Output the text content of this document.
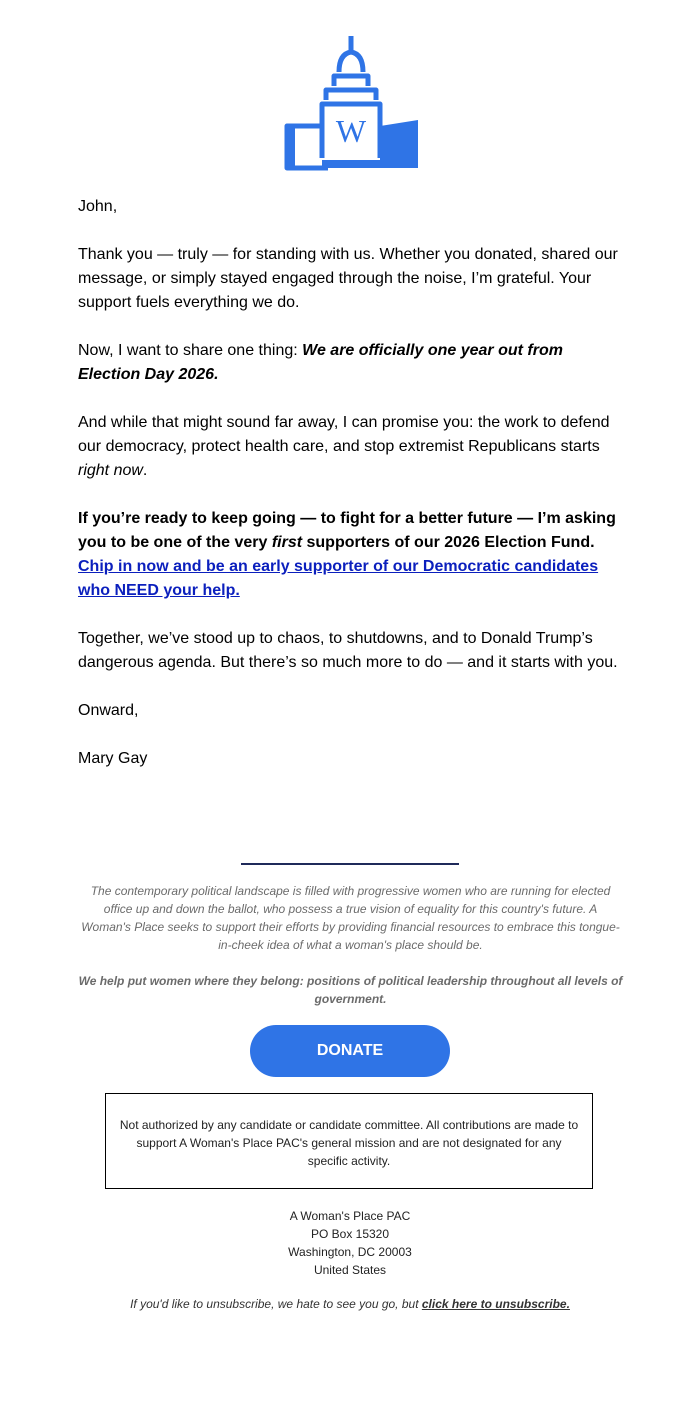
W
John,
Thank you — truly — for standing with us. Whether you donated, shared our message, or simply stayed engaged through the noise, I’m grateful. Your support fuels everything we do.
Now, I want to share one thing: We are officially one year out from Election Day 2026.
And while that might sound far away, I can promise you: the work to defend our democracy, protect health care, and stop extremist Republicans starts right now.
If you’re ready to keep going — to fight for a better future — I’m asking you to be one of the very first supporters of our 2026 Election Fund. Chip in now and be an early supporter of our Democratic candidates who NEED your help.
Together, we’ve stood up to chaos, to shutdowns, and to Donald Trump’s dangerous agenda. But there’s so much more to do — and it starts with you.
Onward,
Mary Gay
The contemporary political landscape is filled with progressive women who are running for elected office up and down the ballot, who possess a true vision of equality for this country's future. A Woman's Place seeks to support their efforts by providing financial resources to embrace this tongue-in-cheek idea of what a woman's place should be.
We help put women where they belong: positions of political leadership throughout all levels of government.
DONATE
Not authorized by any candidate or candidate committee. All contributions are made to support A Woman's Place PAC's general mission and are not designated for any specific activity.
A Woman's Place PAC
PO Box 15320
Washington, DC 20003
United States
If you'd like to unsubscribe, we hate to see you go, but click here to unsubscribe.
